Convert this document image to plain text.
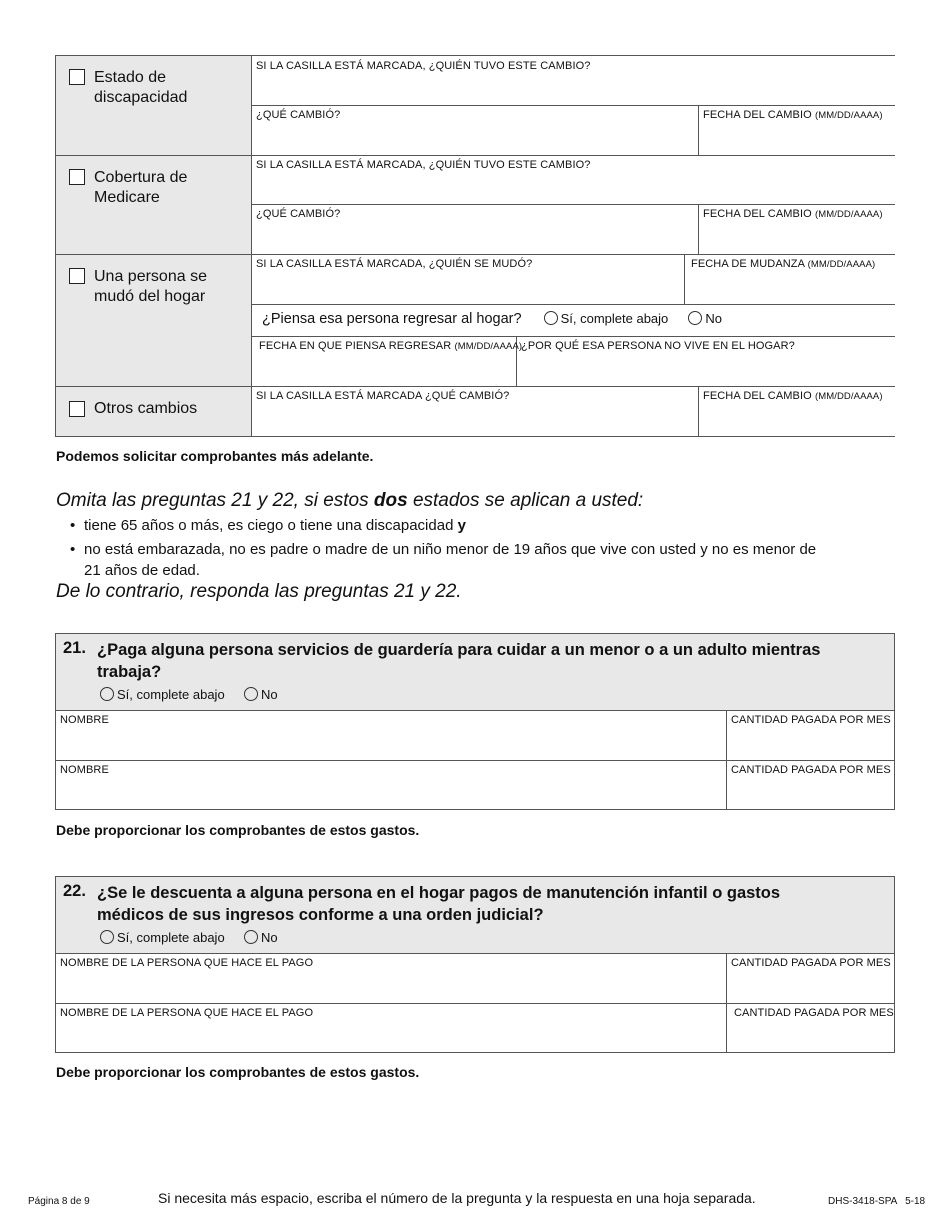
Estado de
discapacidad
SI LA CASILLA ESTÁ MARCADA, ¿QUIÉN TUVO ESTE CAMBIO?
¿QUÉ CAMBIÓ?	FECHA DEL CAMBIO (MM/DD/AAAA)
Cobertura de
Medicare
SI LA CASILLA ESTÁ MARCADA, ¿QUIÉN TUVO ESTE CAMBIO?
¿QUÉ CAMBIÓ?	FECHA DEL CAMBIO (MM/DD/AAAA)
Una persona se
mudó del hogar
SI LA CASILLA ESTÁ MARCADA, ¿QUIÉN SE MUDÓ?	FECHA DE MUDANZA (MM/DD/AAAA)
¿Piensa esa persona regresar al hogar?	Sí, complete abajo	No
FECHA EN QUE PIENSA REGRESAR (MM/DD/AAAA)
¿POR QUÉ ESA PERSONA NO VIVE EN EL HOGAR?
Otros cambios
SI LA CASILLA ESTÁ MARCADA ¿QUÉ CAMBIÓ?	FECHA DEL CAMBIO (MM/DD/AAAA)
Podemos solicitar comprobantes más adelante.
Omita las preguntas 21 y 22, si estos dos estados se aplican a usted:
• tiene 65 años o más, es ciego o tiene una discapacidad y
• no está embarazada, no es padre o madre de un niño menor de 19 años que vive con usted y no es menor de
21 años de edad.
De lo contrario, responda las preguntas 21 y 22.
21. ¿Paga alguna persona servicios de guardería para cuidar a un menor o a un adulto mientras
trabaja?
Sí, complete abajo	No
NOMBRE	CANTIDAD PAGADA POR MES
NOMBRE	CANTIDAD PAGADA POR MES
Debe proporcionar los comprobantes de estos gastos.
22. ¿Se le descuenta a alguna persona en el hogar pagos de manutención infantil o gastos
médicos de sus ingresos conforme a una orden judicial?
Sí, complete abajo	No
NOMBRE DE LA PERSONA QUE HACE EL PAGO	CANTIDAD PAGADA POR MES
NOMBRE DE LA PERSONA QUE HACE EL PAGO	CANTIDAD PAGADA POR MES
Debe proporcionar los comprobantes de estos gastos.
Página 8 de 9	Si necesita más espacio, escriba el número de la pregunta y la respuesta en una hoja separada.	DHS-3418-SPA   5-18
